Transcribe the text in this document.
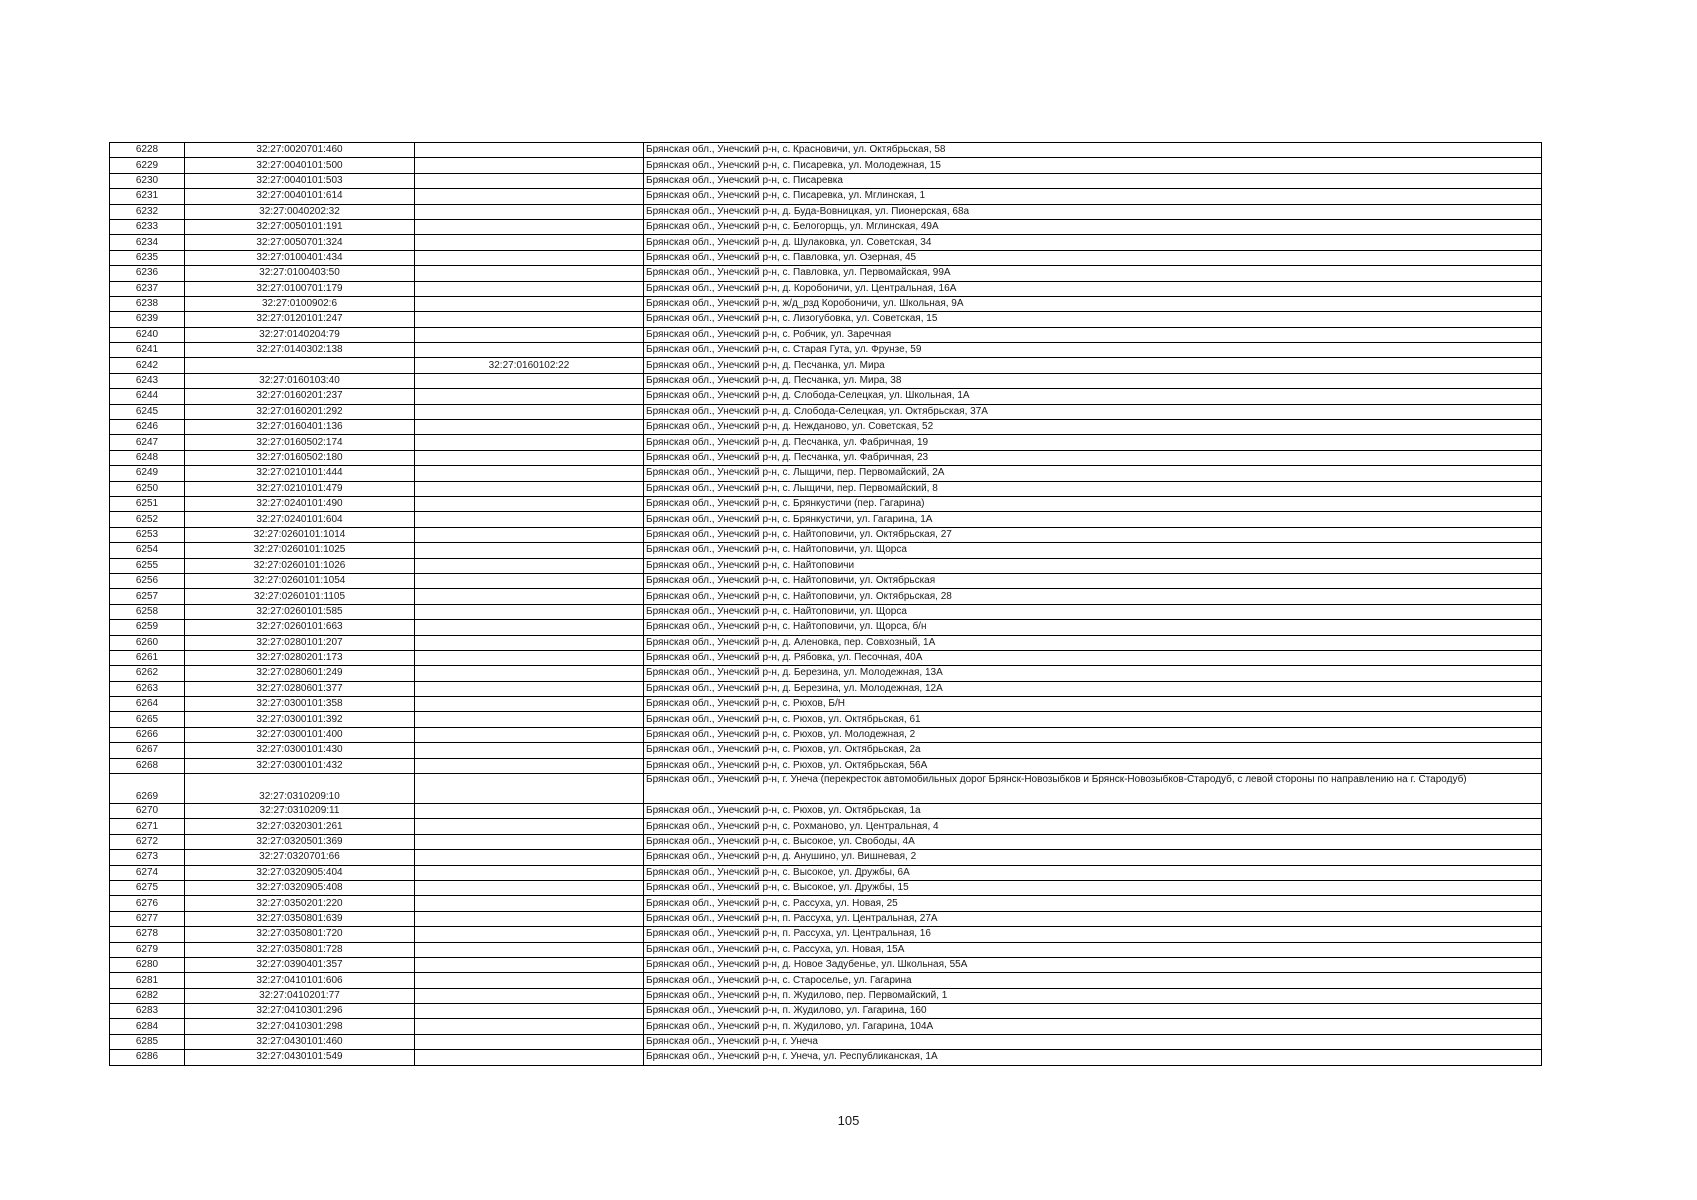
6228	32:27:0020701:460		Брянская обл., Унечский р-н, с. Красновичи, ул. Октябрьская, 58
6229	32:27:0040101:500		Брянская обл., Унечский р-н, с. Писаревка, ул. Молодежная, 15
6230	32:27:0040101:503		Брянская обл., Унечский р-н, с. Писаревка
6231	32:27:0040101:614		Брянская обл., Унечский р-н, с. Писаревка, ул. Мглинская, 1
6232	32:27:0040202:32		Брянская обл., Унечский р-н, д. Буда-Вовницкая, ул. Пионерская, 68а
6233	32:27:0050101:191		Брянская обл., Унечский р-н, с. Белогорщь, ул. Мглинская, 49А
6234	32:27:0050701:324		Брянская обл., Унечский р-н, д. Шулаковка, ул. Советская, 34
6235	32:27:0100401:434		Брянская обл., Унечский р-н, с. Павловка, ул. Озерная, 45
6236	32:27:0100403:50		Брянская обл., Унечский р-н, с. Павловка, ул. Первомайская, 99А
6237	32:27:0100701:179		Брянская обл., Унечский р-н, д. Коробоничи, ул. Центральная, 16А
6238	32:27:0100902:6		Брянская обл., Унечский р-н, ж/д_рзд Коробоничи, ул. Школьная, 9А
6239	32:27:0120101:247		Брянская обл., Унечский р-н, с. Лизогубовка, ул. Советская, 15
6240	32:27:0140204:79		Брянская обл., Унечский р-н, с. Робчик, ул. Заречная
6241	32:27:0140302:138		Брянская обл., Унечский р-н, с. Старая Гута, ул. Фрунзе, 59
6242		32:27:0160102:22	Брянская обл., Унечский р-н, д. Песчанка, ул. Мира
6243	32:27:0160103:40		Брянская обл., Унечский р-н, д. Песчанка, ул. Мира, 38
6244	32:27:0160201:237		Брянская обл., Унечский р-н, д. Слобода-Селецкая, ул. Школьная, 1А
6245	32:27:0160201:292		Брянская обл., Унечский р-н, д. Слобода-Селецкая, ул. Октябрьская, 37А
6246	32:27:0160401:136		Брянская обл., Унечский р-н, д. Нежданово, ул. Советская, 52
6247	32:27:0160502:174		Брянская обл., Унечский р-н, д. Песчанка, ул. Фабричная, 19
6248	32:27:0160502:180		Брянская обл., Унечский р-н, д. Песчанка, ул. Фабричная, 23
6249	32:27:0210101:444		Брянская обл., Унечский р-н, с. Лыщичи, пер. Первомайский, 2А
6250	32:27:0210101:479		Брянская обл., Унечский р-н, с. Лыщичи, пер. Первомайский, 8
6251	32:27:0240101:490		Брянская обл., Унечский р-н, с. Брянкустичи (пер. Гагарина)
6252	32:27:0240101:604		Брянская обл., Унечский р-н, с. Брянкустичи, ул. Гагарина, 1А
6253	32:27:0260101:1014		Брянская обл., Унечский р-н, с. Найтоповичи, ул. Октябрьская, 27
6254	32:27:0260101:1025		Брянская обл., Унечский р-н, с. Найтоповичи, ул. Щорса
6255	32:27:0260101:1026		Брянская обл., Унечский р-н, с. Найтоповичи
6256	32:27:0260101:1054		Брянская обл., Унечский р-н, с. Найтоповичи, ул. Октябрьская
6257	32:27:0260101:1105		Брянская обл., Унечский р-н, с. Найтоповичи, ул. Октябрьская, 28
6258	32:27:0260101:585		Брянская обл., Унечский р-н, с. Найтоповичи, ул. Щорса
6259	32:27:0260101:663		Брянская обл., Унечский р-н, с. Найтоповичи, ул. Щорса, б/н
6260	32:27:0280101:207		Брянская обл., Унечский р-н, д. Аленовка, пер. Совхозный, 1А
6261	32:27:0280201:173		Брянская обл., Унечский р-н, д. Рябовка, ул. Песочная, 40А
6262	32:27:0280601:249		Брянская обл., Унечский р-н, д. Березина, ул. Молодежная, 13А
6263	32:27:0280601:377		Брянская обл., Унечский р-н, д. Березина, ул. Молодежная, 12А
6264	32:27:0300101:358		Брянская обл., Унечский р-н, с. Рюхов, Б/Н
6265	32:27:0300101:392		Брянская обл., Унечский р-н, с. Рюхов, ул. Октябрьская, 61
6266	32:27:0300101:400		Брянская обл., Унечский р-н, с. Рюхов, ул. Молодежная, 2
6267	32:27:0300101:430		Брянская обл., Унечский р-н, с. Рюхов, ул. Октябрьская, 2а
6268	32:27:0300101:432		Брянская обл., Унечский р-н, с. Рюхов, ул. Октябрьская, 56А
6269	32:27:0310209:10		Брянская обл., Унечский р-н, г. Унеча (перекресток автомобильных дорог Брянск-Новозыбков и Брянск-Новозыбков-Стародуб, с левой стороны по направлению на г. Стародуб)
6270	32:27:0310209:11		Брянская обл., Унечский р-н, с. Рюхов, ул. Октябрьская, 1а
6271	32:27:0320301:261		Брянская обл., Унечский р-н, с. Рохманово, ул. Центральная, 4
6272	32:27:0320501:369		Брянская обл., Унечский р-н, с. Высокое, ул. Свободы, 4А
6273	32:27:0320701:66		Брянская обл., Унечский р-н, д. Анушино, ул. Вишневая, 2
6274	32:27:0320905:404		Брянская обл., Унечский р-н, с. Высокое, ул. Дружбы, 6А
6275	32:27:0320905:408		Брянская обл., Унечский р-н, с. Высокое, ул. Дружбы, 15
6276	32:27:0350201:220		Брянская обл., Унечский р-н, с. Рассуха, ул. Новая, 25
6277	32:27:0350801:639		Брянская обл., Унечский р-н, п. Рассуха, ул. Центральная, 27А
6278	32:27:0350801:720		Брянская обл., Унечский р-н, п. Рассуха, ул. Центральная, 16
6279	32:27:0350801:728		Брянская обл., Унечский р-н, с. Рассуха, ул. Новая, 15А
6280	32:27:0390401:357		Брянская обл., Унечский р-н, д. Новое Задубенье, ул. Школьная, 55А
6281	32:27:0410101:606		Брянская обл., Унечский р-н, с. Староселье, ул. Гагарина
6282	32:27:0410201:77		Брянская обл., Унечский р-н, п. Жудилово, пер. Первомайский, 1
6283	32:27:0410301:296		Брянская обл., Унечский р-н, п. Жудилово, ул. Гагарина, 160
6284	32:27:0410301:298		Брянская обл., Унечский р-н, п. Жудилово, ул. Гагарина, 104А
6285	32:27:0430101:460		Брянская обл., Унечский р-н, г. Унеча
6286	32:27:0430101:549		Брянская обл., Унечский р-н, г. Унеча, ул. Республиканская, 1А
105
